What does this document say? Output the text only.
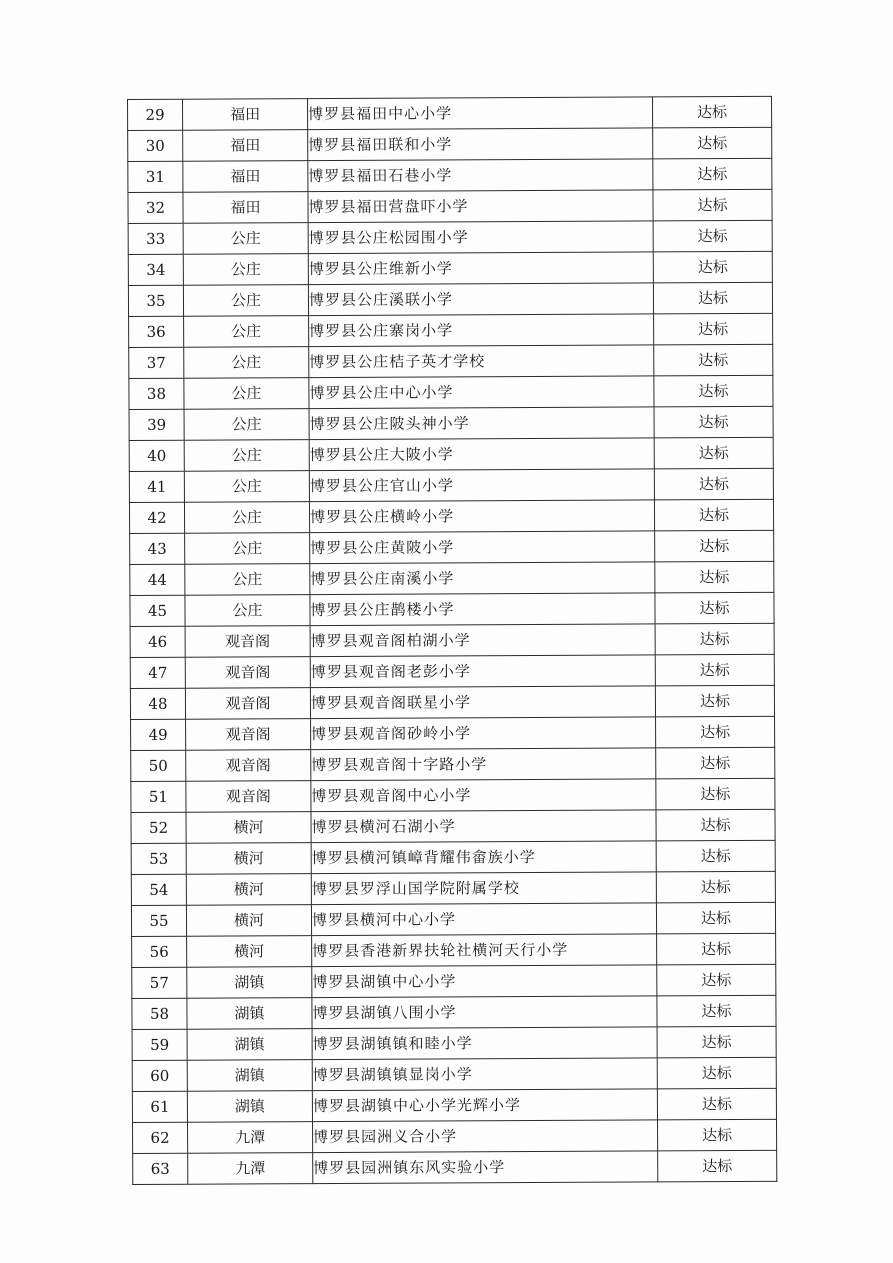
29	福田	博罗县福田中心小学	达标
30	福田	博罗县福田联和小学	达标
31	福田	博罗县福田石巷小学	达标
32	福田	博罗县福田营盘吓小学	达标
33	公庄	博罗县公庄松园围小学	达标
34	公庄	博罗县公庄维新小学	达标
35	公庄	博罗县公庄溪联小学	达标
36	公庄	博罗县公庄寨岗小学	达标
37	公庄	博罗县公庄桔子英才学校	达标
38	公庄	博罗县公庄中心小学	达标
39	公庄	博罗县公庄陂头神小学	达标
40	公庄	博罗县公庄大陂小学	达标
41	公庄	博罗县公庄官山小学	达标
42	公庄	博罗县公庄横岭小学	达标
43	公庄	博罗县公庄黄陂小学	达标
44	公庄	博罗县公庄南溪小学	达标
45	公庄	博罗县公庄鹊楼小学	达标
46	观音阁	博罗县观音阁柏湖小学	达标
47	观音阁	博罗县观音阁老彭小学	达标
48	观音阁	博罗县观音阁联星小学	达标
49	观音阁	博罗县观音阁砂岭小学	达标
50	观音阁	博罗县观音阁十字路小学	达标
51	观音阁	博罗县观音阁中心小学	达标
52	横河	博罗县横河石湖小学	达标
53	横河	博罗县横河镇嶂背耀伟畲族小学	达标
54	横河	博罗县罗浮山国学院附属学校	达标
55	横河	博罗县横河中心小学	达标
56	横河	博罗县香港新界扶轮社横河天行小学	达标
57	湖镇	博罗县湖镇中心小学	达标
58	湖镇	博罗县湖镇八围小学	达标
59	湖镇	博罗县湖镇镇和睦小学	达标
60	湖镇	博罗县湖镇镇显岗小学	达标
61	湖镇	博罗县湖镇中心小学光辉小学	达标
62	九潭	博罗县园洲义合小学	达标
63	九潭	博罗县园洲镇东风实验小学	达标
